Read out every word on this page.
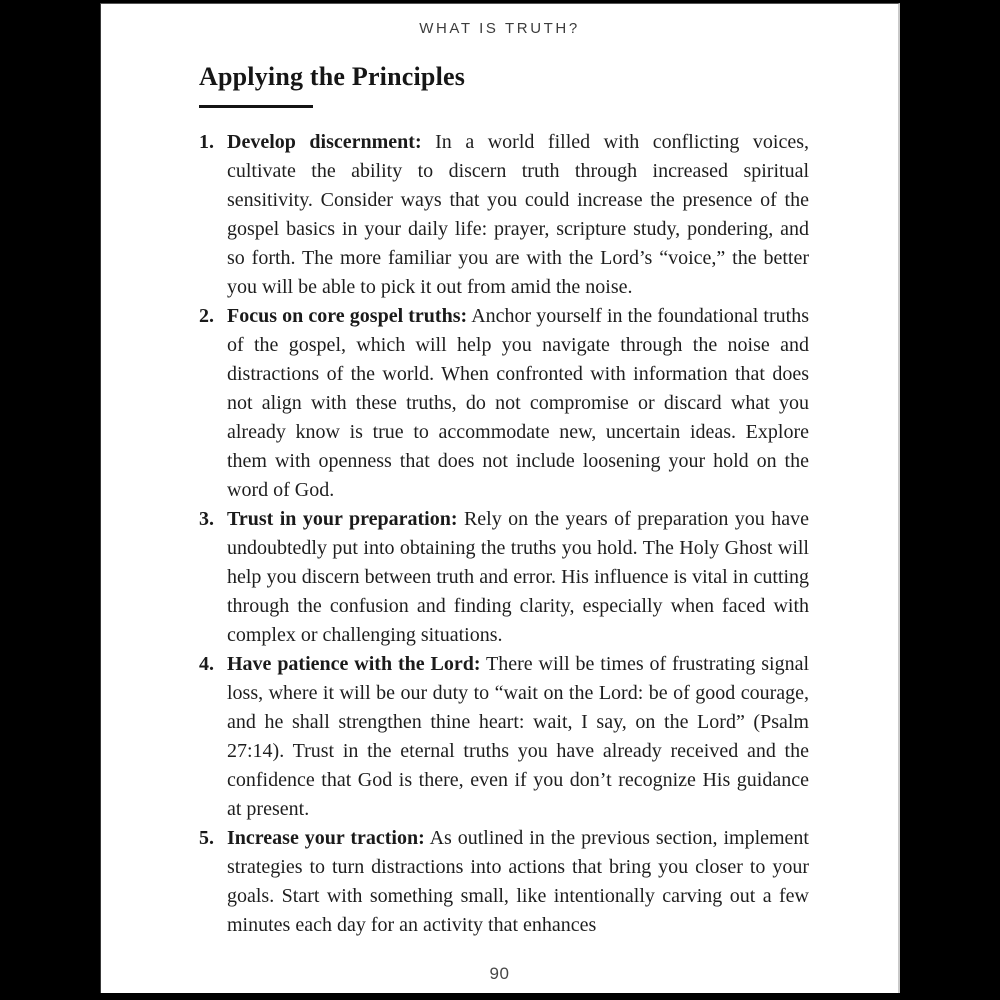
WHAT IS TRUTH?
Applying the Principles
1. Develop discernment: In a world filled with conflicting voices, cultivate the ability to discern truth through increased spiritual sensitivity. Consider ways that you could increase the presence of the gospel basics in your daily life: prayer, scripture study, pondering, and so forth. The more familiar you are with the Lord’s “voice,” the better you will be able to pick it out from amid the noise.
2. Focus on core gospel truths: Anchor yourself in the foundational truths of the gospel, which will help you navigate through the noise and distractions of the world. When confronted with information that does not align with these truths, do not compromise or discard what you already know is true to accommodate new, uncertain ideas. Explore them with openness that does not include loosening your hold on the word of God.
3. Trust in your preparation: Rely on the years of preparation you have undoubtedly put into obtaining the truths you hold. The Holy Ghost will help you discern between truth and error. His influence is vital in cutting through the confusion and finding clarity, especially when faced with complex or challenging situations.
4. Have patience with the Lord: There will be times of frustrating signal loss, where it will be our duty to “wait on the Lord: be of good courage, and he shall strengthen thine heart: wait, I say, on the Lord” (Psalm 27:14). Trust in the eternal truths you have already received and the confidence that God is there, even if you don’t recognize His guidance at present.
5. Increase your traction: As outlined in the previous section, implement strategies to turn distractions into actions that bring you closer to your goals. Start with something small, like intentionally carving out a few minutes each day for an activity that enhances
90
